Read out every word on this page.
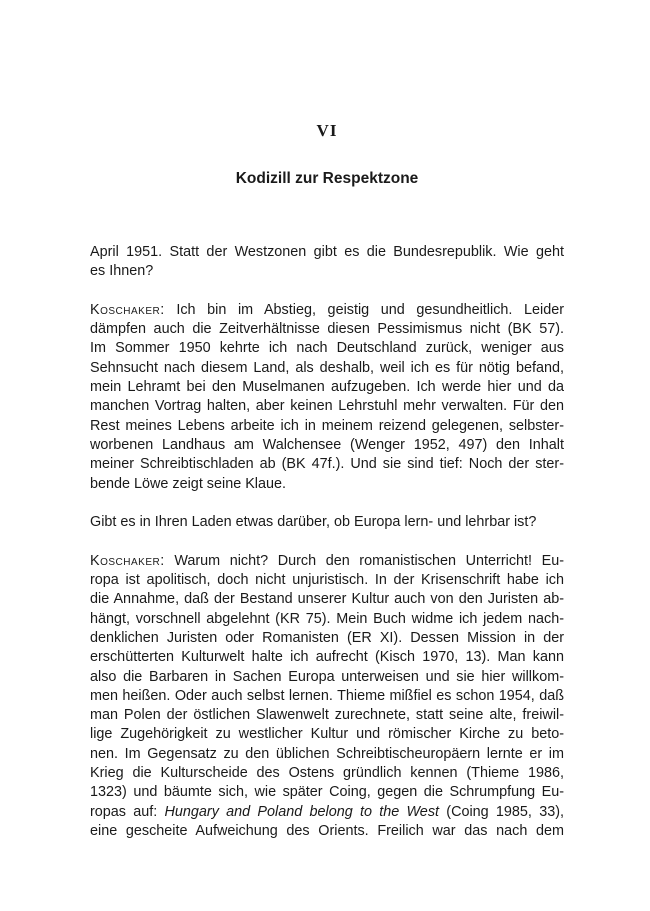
VI
Kodizill zur Respektzone
April 1951. Statt der Westzonen gibt es die Bundesrepublik. Wie geht
es Ihnen?
Koschaker: Ich bin im Abstieg, geistig und gesundheitlich. Leider
dämpfen auch die Zeitverhältnisse diesen Pessimismus nicht (BK 57).
Im Sommer 1950 kehrte ich nach Deutschland zurück, weniger aus
Sehnsucht nach diesem Land, als deshalb, weil ich es für nötig befand,
mein Lehramt bei den Muselmanen aufzugeben. Ich werde hier und da
manchen Vortrag halten, aber keinen Lehrstuhl mehr verwalten. Für den
Rest meines Lebens arbeite ich in meinem reizend gelegenen, selbster-
worbenen Landhaus am Walchensee (Wenger 1952, 497) den Inhalt
meiner Schreibtischladen ab (BK 47f.). Und sie sind tief: Noch der ster-
bende Löwe zeigt seine Klaue.
Gibt es in Ihren Laden etwas darüber, ob Europa lern- und lehrbar ist?
Koschaker: Warum nicht? Durch den romanistischen Unterricht! Eu-
ropa ist apolitisch, doch nicht unjuristisch. In der Krisenschrift habe ich
die Annahme, daß der Bestand unserer Kultur auch von den Juristen ab-
hängt, vorschnell abgelehnt (KR 75). Mein Buch widme ich jedem nach-
denklichen Juristen oder Romanisten (ER XI). Dessen Mission in der
erschütterten Kulturwelt halte ich aufrecht (Kisch 1970, 13). Man kann
also die Barbaren in Sachen Europa unterweisen und sie hier willkom-
men heißen. Oder auch selbst lernen. Thieme mißfiel es schon 1954, daß
man Polen der östlichen Slawenwelt zurechnete, statt seine alte, freiwil-
lige Zugehörigkeit zu westlicher Kultur und römischer Kirche zu beto-
nen. Im Gegensatz zu den üblichen Schreibtischeuropäern lernte er im
Krieg die Kulturscheide des Ostens gründlich kennen (Thieme 1986,
1323) und bäumte sich, wie später Coing, gegen die Schrumpfung Eu-
ropas auf: Hungary and Poland belong to the West (Coing 1985, 33),
eine gescheite Aufweichung des Orients. Freilich war das nach dem
